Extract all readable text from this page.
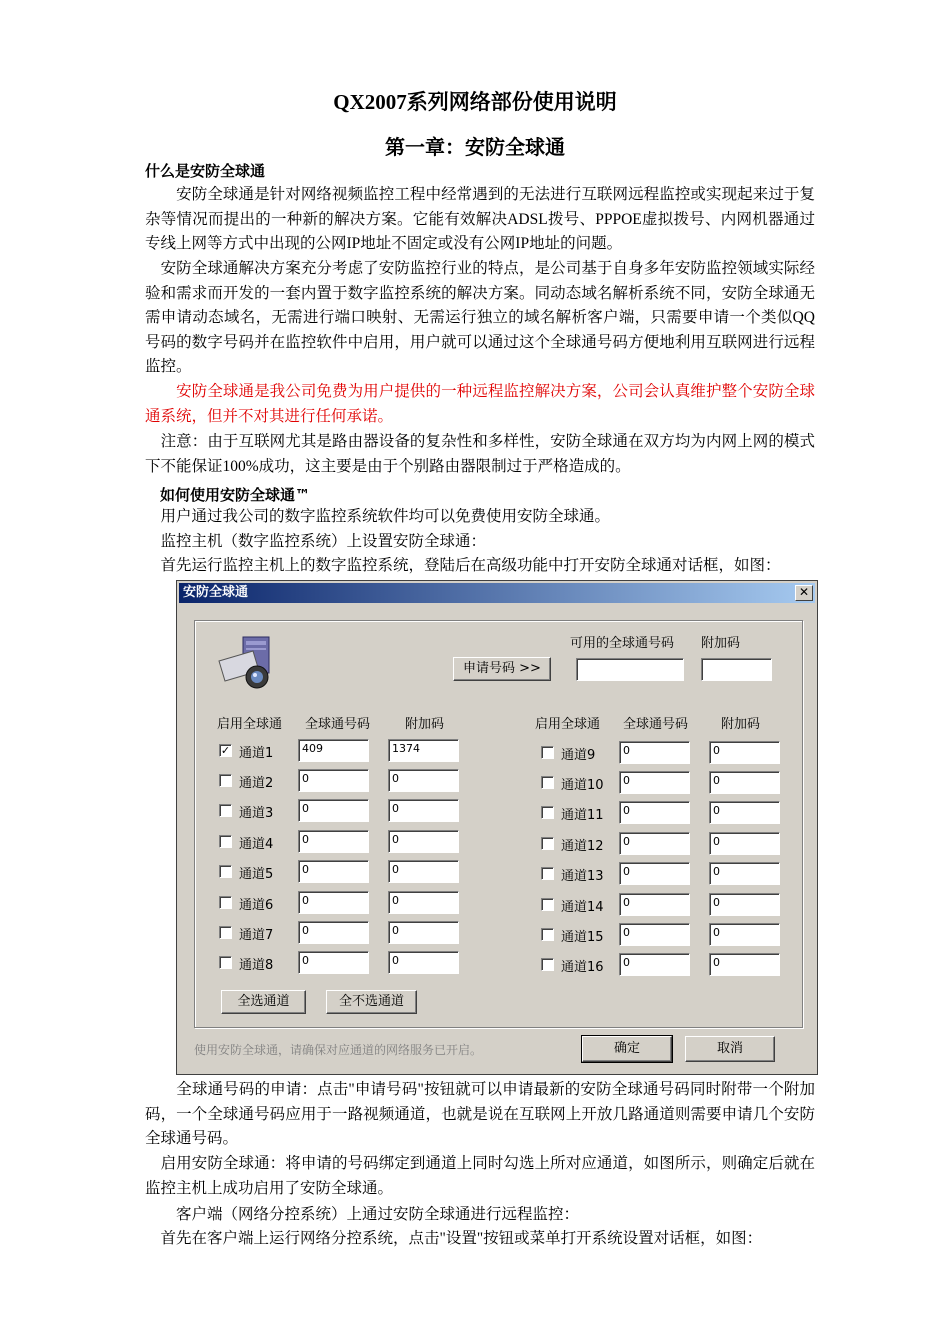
QX2007系列网络部份使用说明
第一章：安防全球通
什么是安防全球通

　　安防全球通是针对网络视频监控工程中经常遇到的无法进行互联网远程监控或实现起来过于复杂等情况而提出的一种新的解决方案。它能有效解决ADSL拨号、PPPOE虚拟拨号、内网机器通过专线上网等方式中出现的公网IP地址不固定或没有公网IP地址的问题。

　安防全球通解决方案充分考虑了安防监控行业的特点，是公司基于自身多年安防监控领域实际经验和需求而开发的一套内置于数字监控系统的解决方案。同动态域名解析系统不同，安防全球通无需申请动态域名，无需进行端口映射、无需运行独立的域名解析客户端，只需要申请一个类似QQ号码的数字号码并在监控软件中启用，用户就可以通过这个全球通号码方便地利用互联网进行远程监控。

　　安防全球通是我公司免费为用户提供的一种远程监控解决方案，公司会认真维护整个安防全球通系统，但并不对其进行任何承诺。

　注意：由于互联网尤其是路由器设备的复杂性和多样性，安防全球通在双方均为内网上网的模式下不能保证100%成功，这主要是由于个别路由器限制过于严格造成的。

　如何使用安防全球通™

　用户通过我公司的数字监控系统软件均可以免费使用安防全球通。

　监控主机（数字监控系统）上设置安防全球通：

　首先运行监控主机上的数字监控系统，登陆后在高级功能中打开安防全球通对话框，如图：

安防全球通	✕
可用的全球通号码 附加码
申请号码 >>
启用全球通 全球通号码	附加码	启用全球通 全球通号码	附加码
✓ 通道1	409	1374
通道2	0	0
通道3	0	0
通道4	0	0
通道5	0	0
通道6	0	0
通道7	0	0
通道8	0	0
通道9	0	0
通道10	0	0
通道11	0	0
通道12	0	0
通道13	0	0
通道14	0	0
通道15	0	0
通道16	0	0
全选通道	全不选通道
使用安防全球通，请确保对应通道的网络服务已开启。	确定	取消

　　全球通号码的申请：点击"申请号码"按钮就可以申请最新的安防全球通号码同时附带一个附加码，一个全球通号码应用于一路视频通道，也就是说在互联网上开放几路通道则需要申请几个安防全球通号码。

　启用安防全球通：将申请的号码绑定到通道上同时勾选上所对应通道，如图所示，则确定后就在监控主机上成功启用了安防全球通。

　　客户端（网络分控系统）上通过安防全球通进行远程监控：

　首先在客户端上运行网络分控系统，点击"设置"按钮或菜单打开系统设置对话框，如图：
